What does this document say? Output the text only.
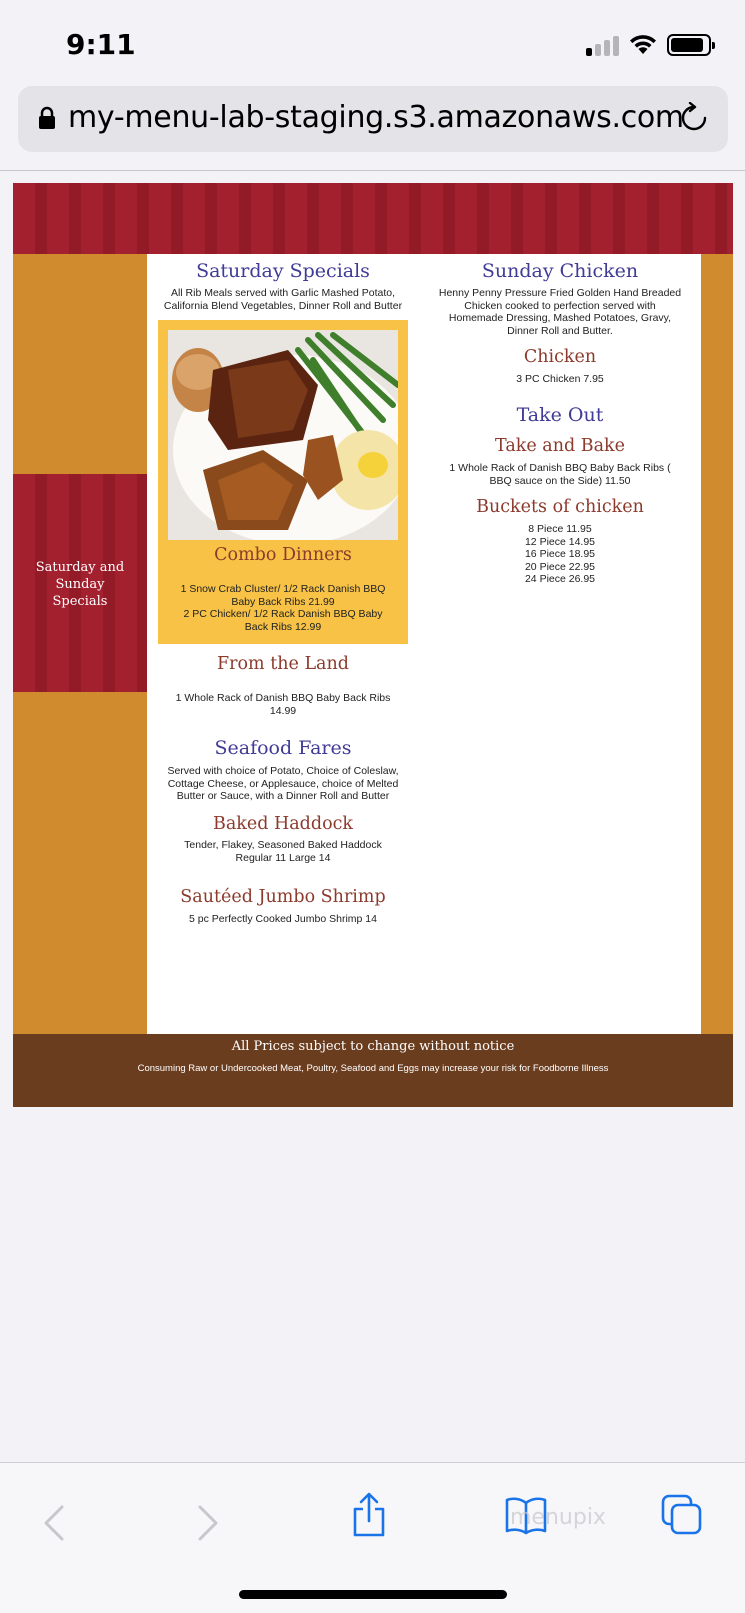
9:11
my-menu-lab-staging.s3.amazonaws.com
Saturday and
Sunday
Specials
Saturday Specials
All Rib Meals served with Garlic Mashed Potato,
California Blend Vegetables, Dinner Roll and Butter
Combo Dinners
1 Snow Crab Cluster/ 1/2 Rack Danish BBQ
Baby Back Ribs 21.99
2 PC Chicken/ 1/2 Rack Danish BBQ Baby
Back Ribs 12.99
From the Land
1 Whole Rack of Danish BBQ Baby Back Ribs
14.99
Seafood Fares
Served with choice of Potato, Choice of Coleslaw,
Cottage Cheese, or Applesauce, choice of Melted
Butter or Sauce, with a Dinner Roll and Butter
Baked Haddock
Tender, Flakey, Seasoned Baked Haddock
Regular 11 Large 14
Sautéed Jumbo Shrimp
5 pc Perfectly Cooked Jumbo Shrimp 14
Sunday Chicken
Henny Penny Pressure Fried Golden Hand Breaded
Chicken cooked to perfection served with
Homemade Dressing, Mashed Potatoes, Gravy,
Dinner Roll and Butter.
Chicken
3 PC Chicken 7.95
Take Out
Take and Bake
1 Whole Rack of Danish BBQ Baby Back Ribs (
BBQ sauce on the Side) 11.50
Buckets of chicken
8 Piece 11.95
12 Piece 14.95
16 Piece 18.95
20 Piece 22.95
24 Piece 26.95
All Prices subject to change without notice
Consuming Raw or Undercooked Meat, Poultry, Seafood and Eggs may increase your risk for Foodborne Illness
menupix
